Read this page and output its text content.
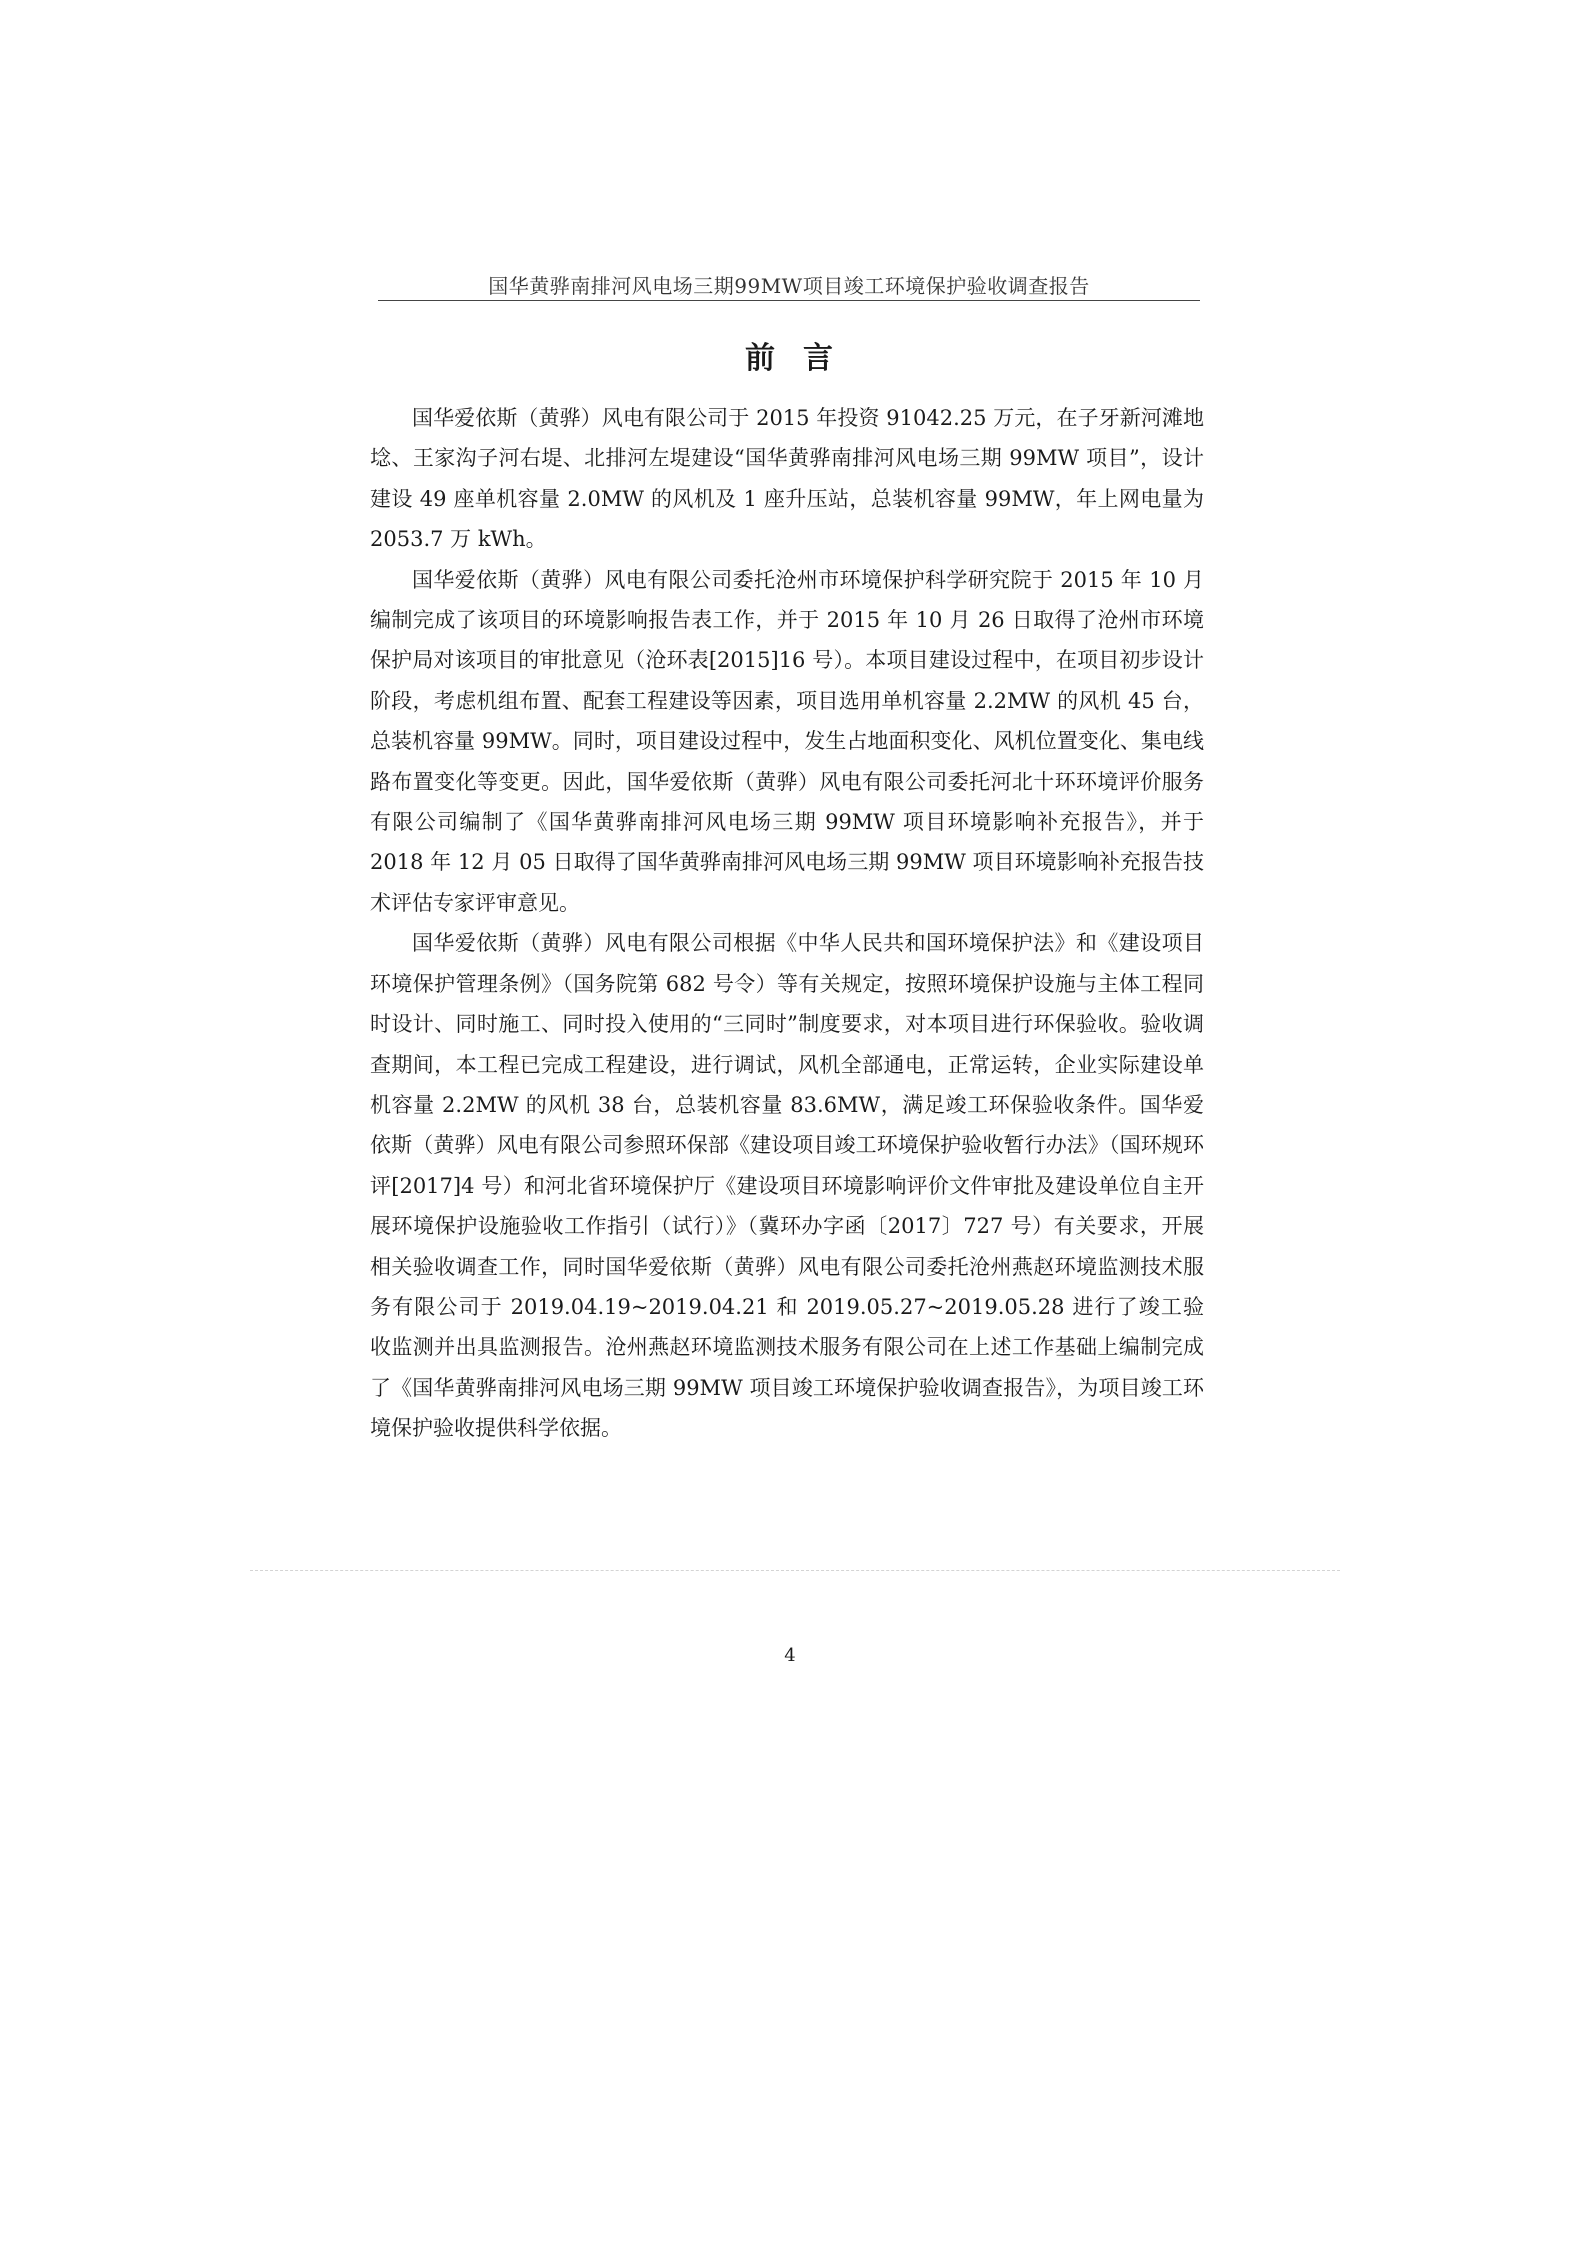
国华黄骅南排河风电场三期99MW项目竣工环境保护验收调查报告
前言

国华爱依斯（黄骅）风电有限公司于 2015 年投资 91042.25 万元，在子牙新河滩地埝、王家沟子河右堤、北排河左堤建设“国华黄骅南排河风电场三期 99MW 项目”，设计建设 49 座单机容量 2.0MW 的风机及 1 座升压站，总装机容量 99MW，年上网电量为 2053.7 万 kWh。

国华爱依斯（黄骅）风电有限公司委托沧州市环境保护科学研究院于 2015 年 10 月编制完成了该项目的环境影响报告表工作，并于 2015 年 10 月 26 日取得了沧州市环境保护局对该项目的审批意见（沧环表[2015]16 号）。本项目建设过程中，在项目初步设计阶段，考虑机组布置、配套工程建设等因素，项目选用单机容量 2.2MW 的风机 45 台，总装机容量 99MW。同时，项目建设过程中，发生占地面积变化、风机位置变化、集电线路布置变化等变更。因此，国华爱依斯（黄骅）风电有限公司委托河北十环环境评价服务有限公司编制了《国华黄骅南排河风电场三期 99MW 项目环境影响补充报告》，并于 2018 年 12 月 05 日取得了国华黄骅南排河风电场三期 99MW 项目环境影响补充报告技术评估专家评审意见。

国华爱依斯（黄骅）风电有限公司根据《中华人民共和国环境保护法》和《建设项目环境保护管理条例》（国务院第 682 号令）等有关规定，按照环境保护设施与主体工程同时设计、同时施工、同时投入使用的“三同时”制度要求，对本项目进行环保验收。验收调查期间，本工程已完成工程建设，进行调试，风机全部通电，正常运转，企业实际建设单机容量 2.2MW 的风机 38 台，总装机容量 83.6MW，满足竣工环保验收条件。国华爱依斯（黄骅）风电有限公司参照环保部《建设项目竣工环境保护验收暂行办法》（国环规环评[2017]4 号）和河北省环境保护厅《建设项目环境影响评价文件审批及建设单位自主开展环境保护设施验收工作指引（试行）》（冀环办字函〔2017〕727 号）有关要求，开展相关验收调查工作，同时国华爱依斯（黄骅）风电有限公司委托沧州燕赵环境监测技术服务有限公司于 2019.04.19~2019.04.21 和 2019.05.27~2019.05.28 进行了竣工验收监测并出具监测报告。沧州燕赵环境监测技术服务有限公司在上述工作基础上编制完成了《国华黄骅南排河风电场三期 99MW 项目竣工环境保护验收调查报告》，为项目竣工环境保护验收提供科学依据。

4
